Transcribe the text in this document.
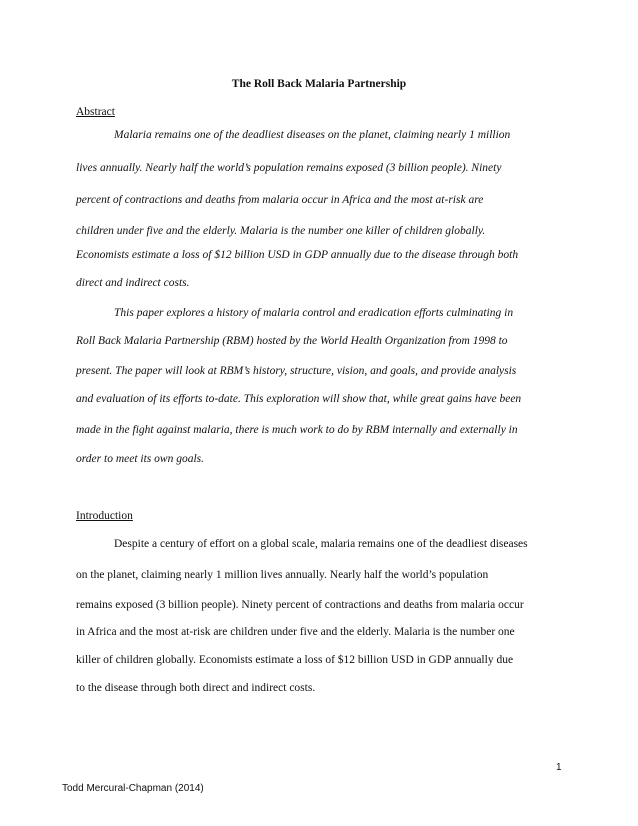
The Roll Back Malaria Partnership
Abstract
Malaria remains one of the deadliest diseases on the planet, claiming nearly 1 million
lives annually. Nearly half the world’s population remains exposed (3 billion people). Ninety
percent of contractions and deaths from malaria occur in Africa and the most at-risk are
children under five and the elderly. Malaria is the number one killer of children globally.
Economists estimate a loss of $12 billion USD in GDP annually due to the disease through both
direct and indirect costs.
This paper explores a history of malaria control and eradication efforts culminating in
Roll Back Malaria Partnership (RBM) hosted by the World Health Organization from 1998 to
present. The paper will look at RBM’s history, structure, vision, and goals, and provide analysis
and evaluation of its efforts to-date. This exploration will show that, while great gains have been
made in the fight against malaria, there is much work to do by RBM internally and externally in
order to meet its own goals.
Introduction
Despite a century of effort on a global scale, malaria remains one of the deadliest diseases
on the planet, claiming nearly 1 million lives annually. Nearly half the world’s population
remains exposed (3 billion people). Ninety percent of contractions and deaths from malaria occur
in Africa and the most at-risk are children under five and the elderly. Malaria is the number one
killer of children globally. Economists estimate a loss of $12 billion USD in GDP annually due
to the disease through both direct and indirect costs.
1
Todd Mercural-Chapman (2014)
